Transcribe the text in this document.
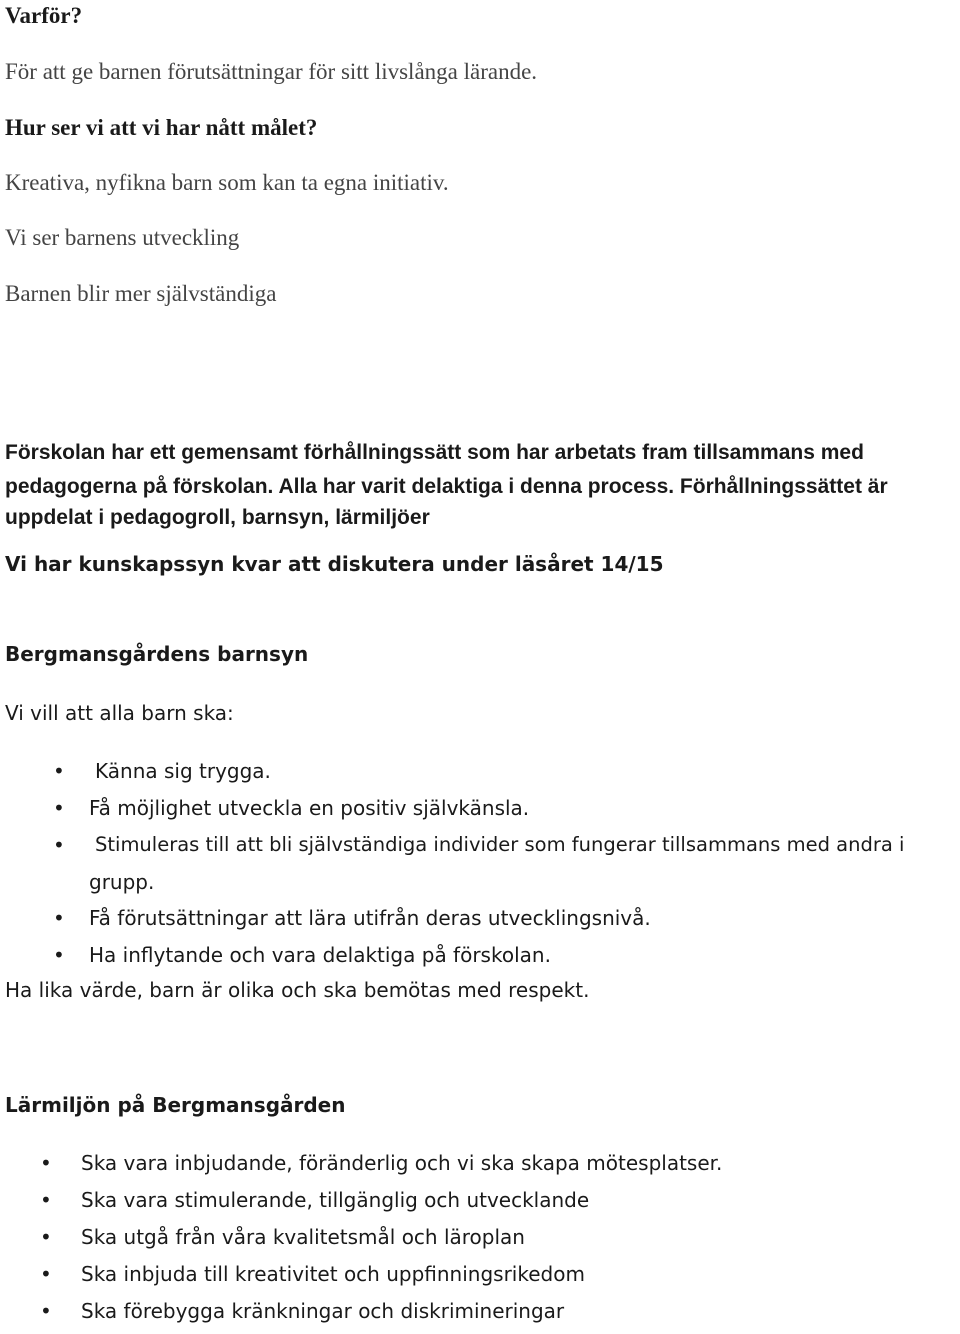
Varför?

För att ge barnen förutsättningar för sitt livslånga lärande.

Hur ser vi att vi har nått målet?

Kreativa, nyfikna barn som kan ta egna initiativ.

Vi ser barnens utveckling

Barnen blir mer självständiga

Förskolan har ett gemensamt förhållningssätt som har arbetats fram tillsammans med

pedagogerna på förskolan. Alla har varit delaktiga i denna process. Förhållningssättet är

uppdelat i pedagogroll, barnsyn, lärmiljöer

Vi har kunskapssyn kvar att diskutera under läsåret 14/15

Bergmansgårdens barnsyn

Vi vill att alla barn ska:

• Känna sig trygga.
• Få möjlighet utveckla en positiv självkänsla.
• Stimuleras till att bli självständiga individer som fungerar tillsammans med andra i
grupp.
• Få förutsättningar att lära utifrån deras utvecklingsnivå.
• Ha inflytande och vara delaktiga på förskolan.

Ha lika värde, barn är olika och ska bemötas med respekt.

Lärmiljön på Bergmansgården

• Ska vara inbjudande, föränderlig och vi ska skapa mötesplatser.
• Ska vara stimulerande, tillgänglig och utvecklande
• Ska utgå från våra kvalitetsmål och läroplan
• Ska inbjuda till kreativitet och uppfinningsrikedom
• Ska förebygga kränkningar och diskrimineringar
